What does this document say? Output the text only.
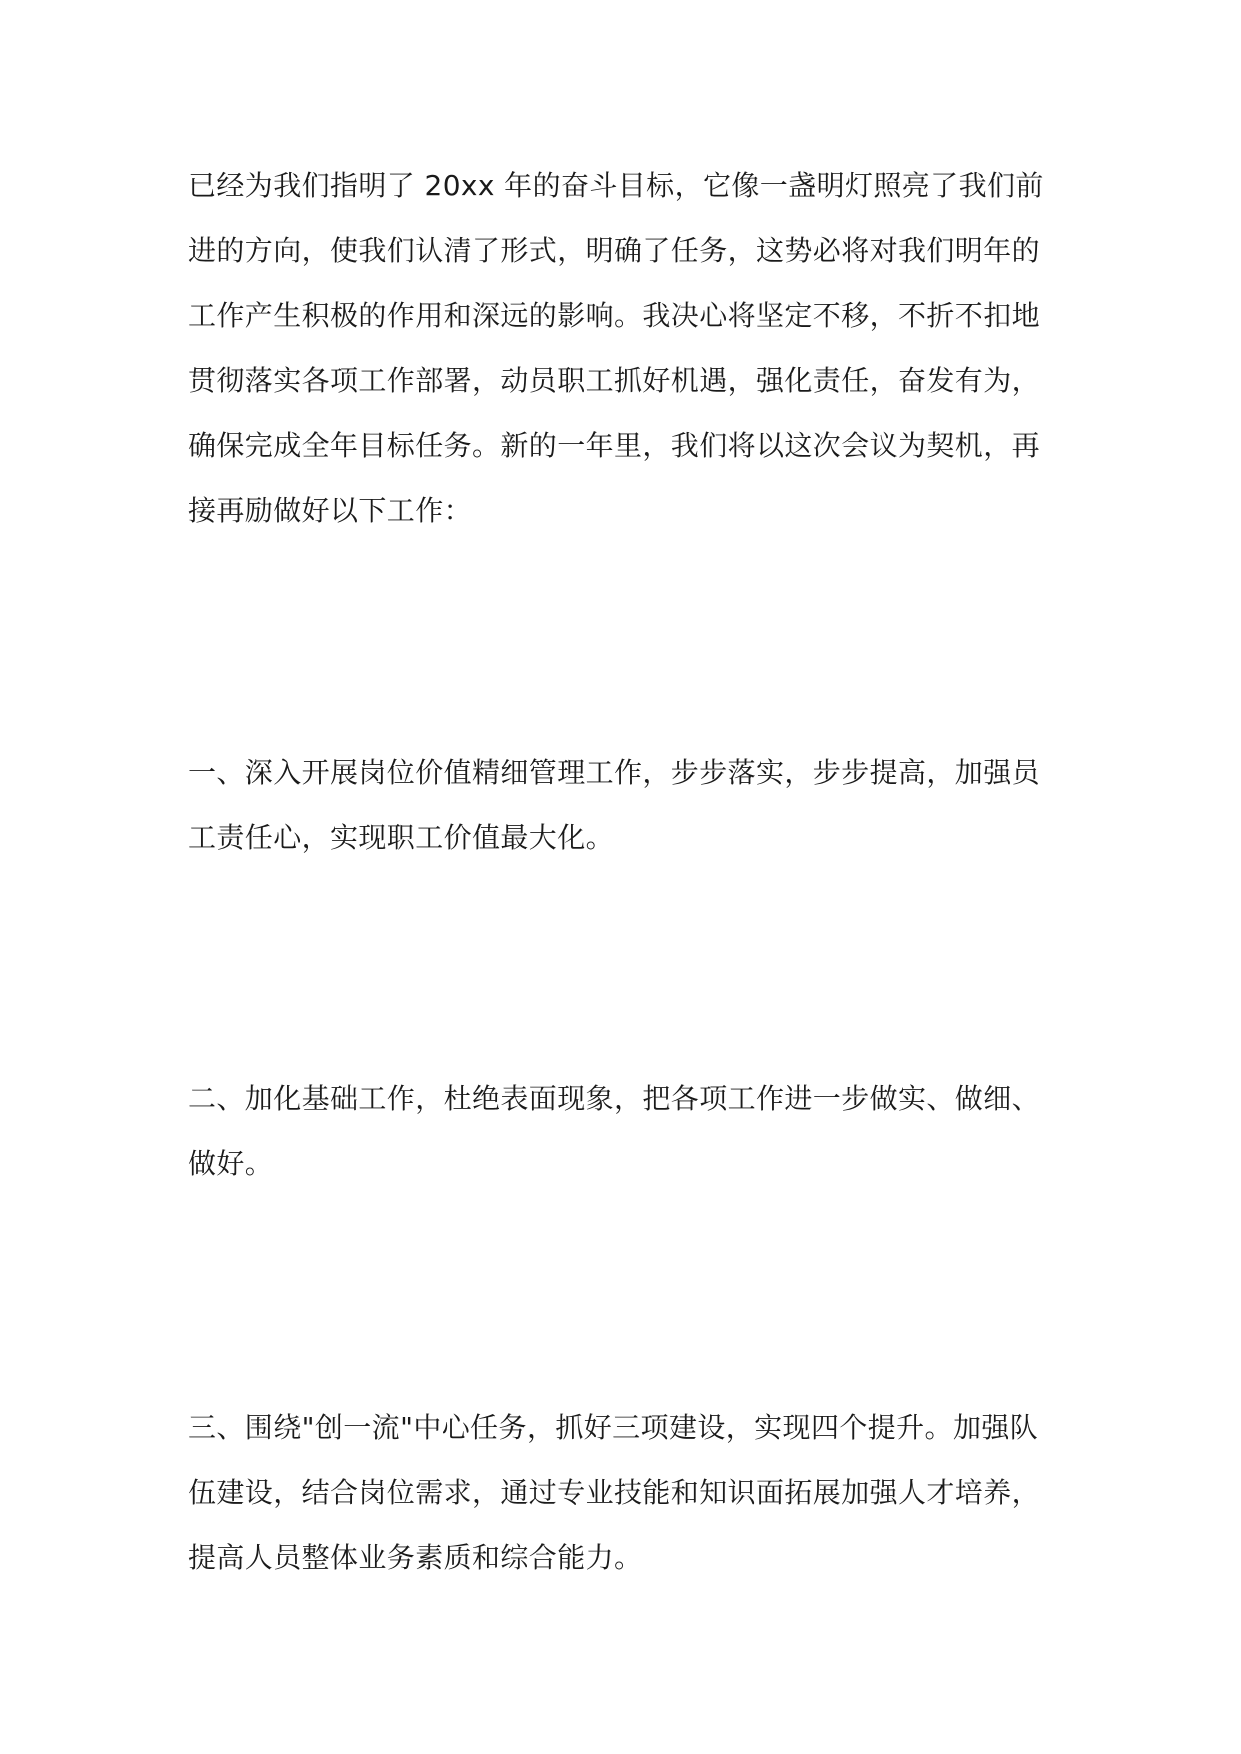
已经为我们指明了 20xx 年的奋斗目标，它像一盏明灯照亮了我们前
进的方向，使我们认清了形式，明确了任务，这势必将对我们明年的
工作产生积极的作用和深远的影响。我决心将坚定不移，不折不扣地
贯彻落实各项工作部署，动员职工抓好机遇，强化责任，奋发有为，
确保完成全年目标任务。新的一年里，我们将以这次会议为契机，再
接再励做好以下工作：

一、深入开展岗位价值精细管理工作，步步落实，步步提高，加强员
工责任心，实现职工价值最大化。

二、加化基础工作，杜绝表面现象，把各项工作进一步做实、做细、
做好。

三、围绕"创一流"中心任务，抓好三项建设，实现四个提升。加强队
伍建设，结合岗位需求，通过专业技能和知识面拓展加强人才培养，
提高人员整体业务素质和综合能力。
